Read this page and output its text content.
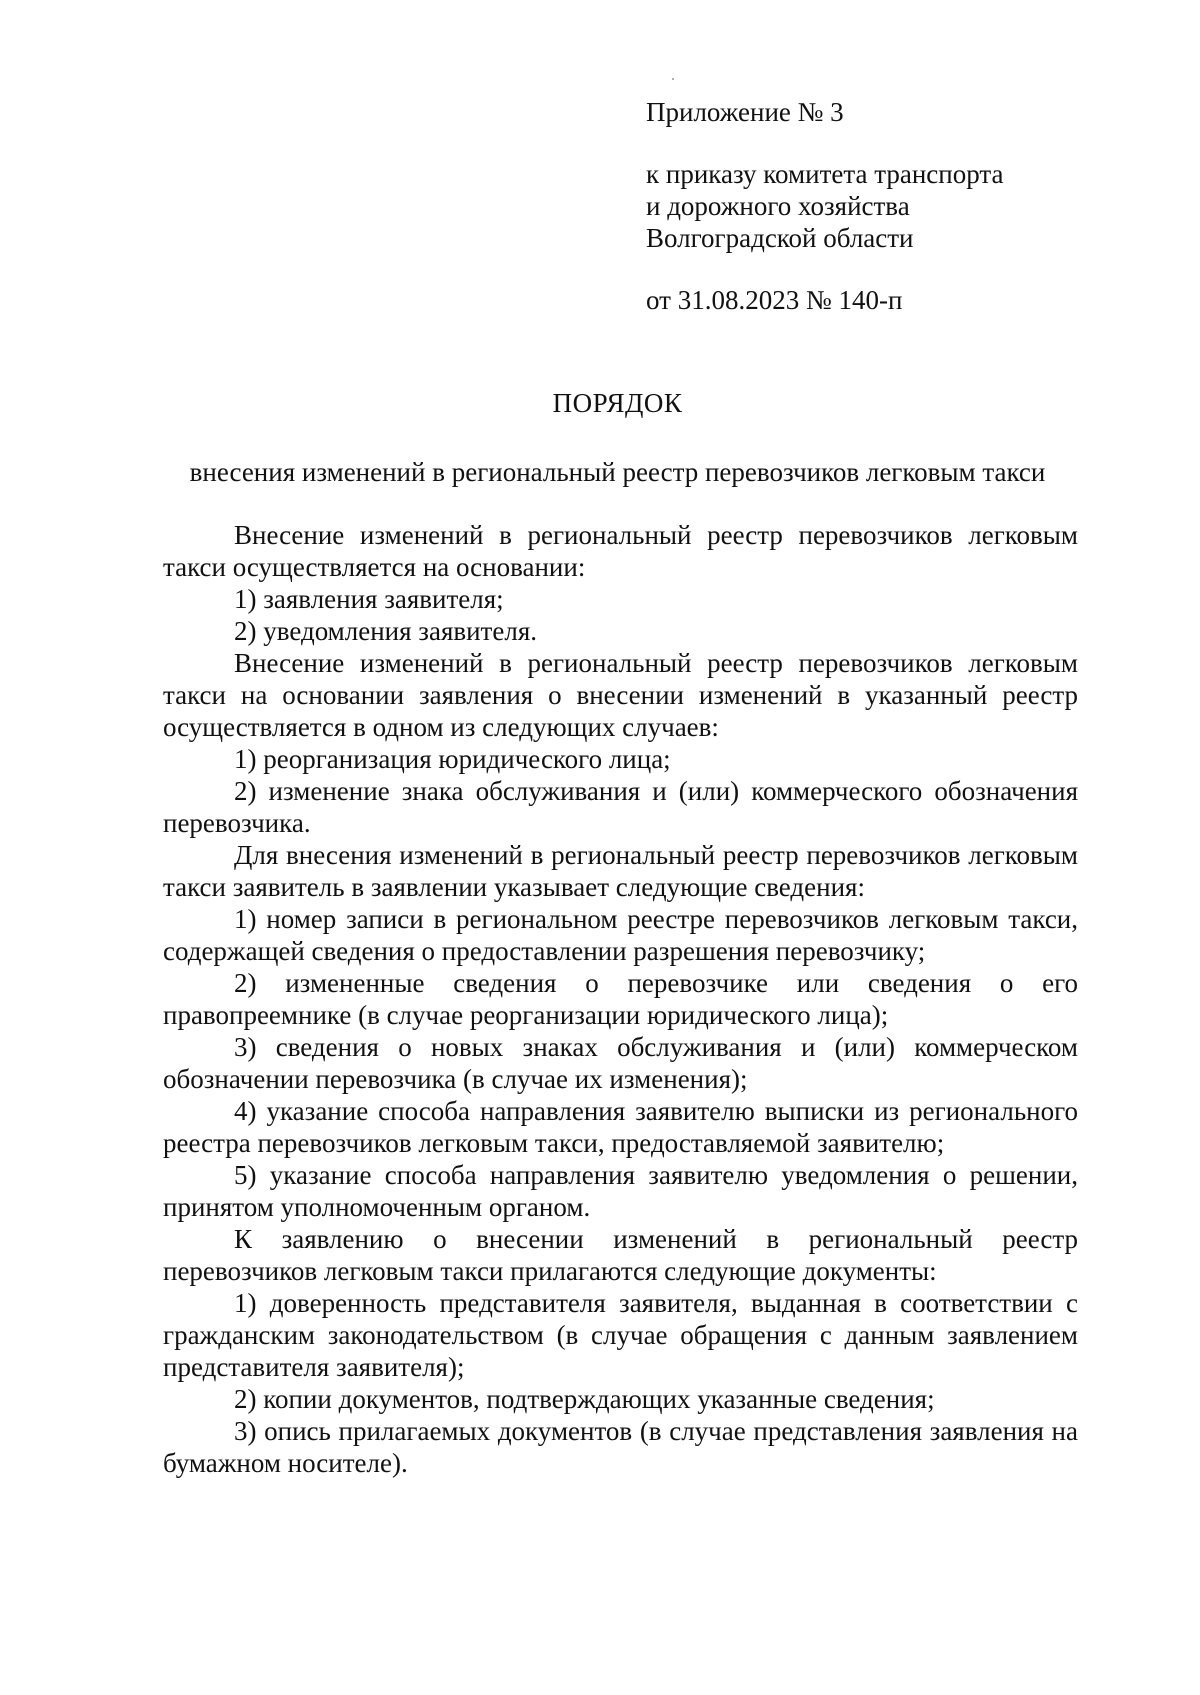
Приложение № 3
к приказу комитета транспорта
и дорожного хозяйства
Волгоградской области
от 31.08.2023 № 140-п
ПОРЯДОК
внесения изменений в региональный реестр перевозчиков легковым такси

Внесение изменений в региональный реестр перевозчиков легковым такси осуществляется на основании:

1) заявления заявителя;

2) уведомления заявителя.

Внесение изменений в региональный реестр перевозчиков легковым такси на основании заявления о внесении изменений в указанный реестр осуществляется в одном из следующих случаев:

1) реорганизация юридического лица;

2) изменение знака обслуживания и (или) коммерческого обозначения перевозчика.

Для внесения изменений в региональный реестр перевозчиков легковым такси заявитель в заявлении указывает следующие сведения:

1) номер записи в региональном реестре перевозчиков легковым такси, содержащей сведения о предоставлении разрешения перевозчику;

2) измененные сведения о перевозчике или сведения о его правопреемнике (в случае реорганизации юридического лица);

3) сведения о новых знаках обслуживания и (или) коммерческом обозначении перевозчика (в случае их изменения);

4) указание способа направления заявителю выписки из регионального реестра перевозчиков легковым такси, предоставляемой заявителю;

5) указание способа направления заявителю уведомления о решении, принятом уполномоченным органом.

К заявлению о внесении изменений в региональный реестр перевозчиков легковым такси прилагаются следующие документы:

1) доверенность представителя заявителя, выданная в соответствии с гражданским законодательством (в случае обращения с данным заявлением представителя заявителя);

2) копии документов, подтверждающих указанные сведения;

3) опись прилагаемых документов (в случае представления заявления на бумажном носителе).
